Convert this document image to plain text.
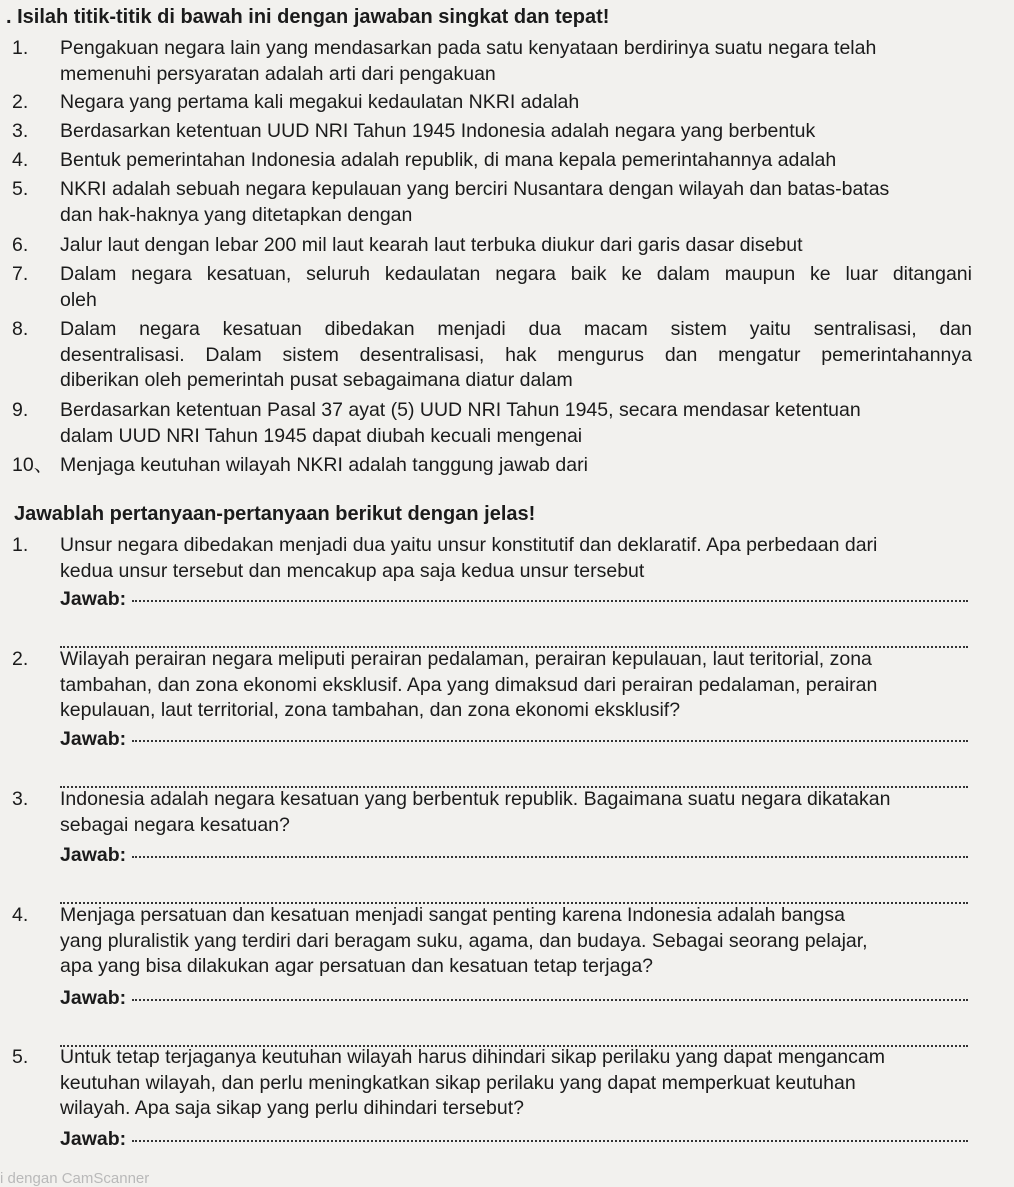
. Isilah titik-titik di bawah ini dengan jawaban singkat dan tepat!
1. Pengakuan negara lain yang mendasarkan pada satu kenyataan berdirinya suatu negara telah
memenuhi persyaratan adalah arti dari pengakuan
2. Negara yang pertama kali megakui kedaulatan NKRI adalah
3. Berdasarkan ketentuan UUD NRI Tahun 1945 Indonesia adalah negara yang berbentuk
4. Bentuk pemerintahan Indonesia adalah republik, di mana kepala pemerintahannya adalah
5. NKRI adalah sebuah negara kepulauan yang berciri Nusantara dengan wilayah dan batas-batas
dan hak-haknya yang ditetapkan dengan
6. Jalur laut dengan lebar 200 mil laut kearah laut terbuka diukur dari garis dasar disebut
7. Dalam negara kesatuan, seluruh kedaulatan negara baik ke dalam maupun ke luar ditangani
oleh
8. Dalam negara kesatuan dibedakan menjadi dua macam sistem yaitu sentralisasi, dan
desentralisasi. Dalam sistem desentralisasi, hak mengurus dan mengatur pemerintahannya
diberikan oleh pemerintah pusat sebagaimana diatur dalam
9. Berdasarkan ketentuan Pasal 37 ayat (5) UUD NRI Tahun 1945, secara mendasar ketentuan
dalam UUD NRI Tahun 1945 dapat diubah kecuali mengenai
10、 Menjaga keutuhan wilayah NKRI adalah tanggung jawab dari
Jawablah pertanyaan-pertanyaan berikut dengan jelas!
1. Unsur negara dibedakan menjadi dua yaitu unsur konstitutif dan deklaratif. Apa perbedaan dari
kedua unsur tersebut dan mencakup apa saja kedua unsur tersebut
Jawab:
2. Wilayah perairan negara meliputi perairan pedalaman, perairan kepulauan, laut teritorial, zona
tambahan, dan zona ekonomi eksklusif. Apa yang dimaksud dari perairan pedalaman, perairan
kepulauan, laut territorial, zona tambahan, dan zona ekonomi eksklusif?
Jawab:
3. Indonesia adalah negara kesatuan yang berbentuk republik. Bagaimana suatu negara dikatakan
sebagai negara kesatuan?
Jawab:
4. Menjaga persatuan dan kesatuan menjadi sangat penting karena Indonesia adalah bangsa
yang pluralistik yang terdiri dari beragam suku, agama, dan budaya. Sebagai seorang pelajar,
apa yang bisa dilakukan agar persatuan dan kesatuan tetap terjaga?
Jawab:
5. Untuk tetap terjaganya keutuhan wilayah harus dihindari sikap perilaku yang dapat mengancam
keutuhan wilayah, dan perlu meningkatkan sikap perilaku yang dapat memperkuat keutuhan
wilayah. Apa saja sikap yang perlu dihindari tersebut?
Jawab:
i dengan CamScanner
